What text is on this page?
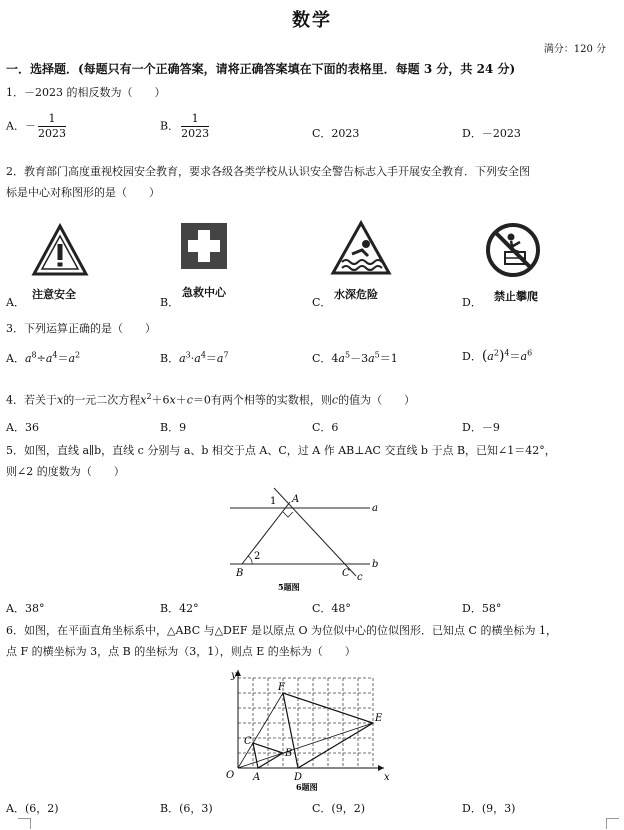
数学
满分：120 分
一．选择题．(每题只有一个正确答案，请将正确答案填在下面的表格里．每题 3 分，共 24 分)
1．－2023 的相反数为（　　）
A．－ $\frac{1}{2023}$	B． $\frac{1}{2023}$	C．2023	D．－2023
2．教育部门高度重视校园安全教育，要求各级各类学校从认识安全警告标志入手开展安全教育．下列安全图
标是中心对称图形的是（　　）
A．
注意安全
B．
急救中心
C．
水深危险
D． 禁止攀爬
3．下列运算正确的是（　　）
A．$a^8\div a^4=a^2$	B．$a^3\cdot a^4=a^7$	C．$4a^5-3a^5=1$	D．$(a^2)^4=a^6$
4．若关于x的一元二次方程$x^2+6x+c=0$有两个相等的实数根，则c的值为（　　）
A．36	B．9	C．6	D．－9
5．如图，直线 a∥b，直线 c 分别与 a、b 相交于点 A、C，过 A 作 AB⊥AC 交直线 b 于点 B，已知∠1＝42°，
则∠2 的度数为（　　）
1 A
a
2
B	C c
b
5题图
A．38°	B．42°	C．48°	D．58°
6．如图，在平面直角坐标系中，△ABC 与△DEF 是以原点 O 为位似中心的位似图形．已知点 C 的横坐标为 1，
点 F 的横坐标为 3，点 B 的坐标为（3，1），则点 E 的坐标为（　　）
y
x
O A	D
F
E
C
B
6题图
A．(6，2)	B．(6，3)	C．(9，2)	D．(9，3)
